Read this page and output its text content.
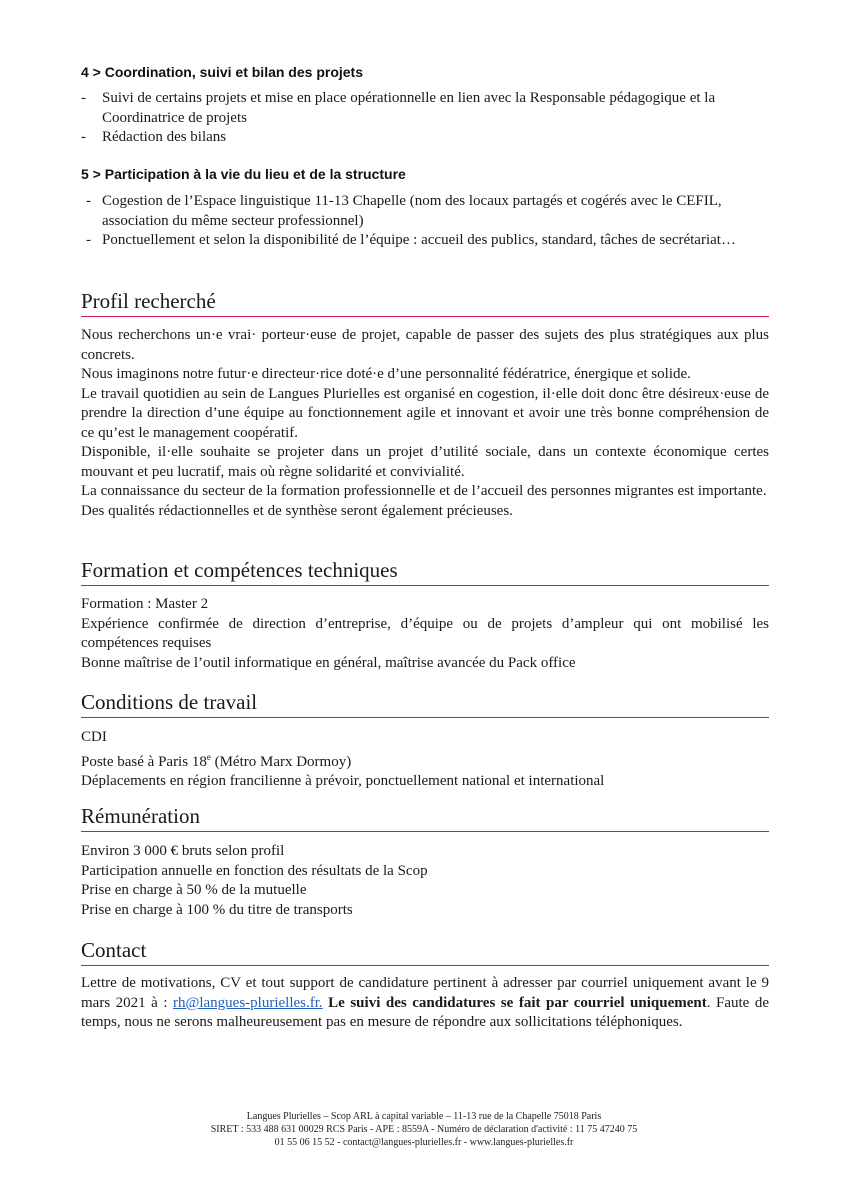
4 > Coordination, suivi et bilan des projets
- Suivi de certains projets et mise en place opérationnelle en lien avec la Responsable pédagogique et la Coordinatrice de projets
- Rédaction des bilans
5 > Participation à la vie du lieu et de la structure
- Cogestion de l’Espace linguistique 11-13 Chapelle (nom des locaux partagés et cogérés avec le CEFIL, association du même secteur professionnel)
- Ponctuellement et selon la disponibilité de l’équipe : accueil des publics, standard, tâches de secrétariat…
Profil recherché

Nous recherchons un·e vrai· porteur·euse de projet, capable de passer des sujets des plus stratégiques aux plus concrets.

Nous imaginons notre futur·e directeur·rice doté·e d’une personnalité fédératrice, énergique et solide.

Le travail quotidien au sein de Langues Plurielles est organisé en cogestion, il·elle doit donc être désireux·euse de prendre la direction d’une équipe au fonctionnement agile et innovant et avoir une très bonne compréhension de ce qu’est le management coopératif.

Disponible, il·elle souhaite se projeter dans un projet d’utilité sociale, dans un contexte économique certes mouvant et peu lucratif, mais où règne solidarité et convivialité.

La connaissance du secteur de la formation professionnelle et de l’accueil des personnes migrantes est importante.

Des qualités rédactionnelles et de synthèse seront également précieuses.

Formation et compétences techniques

Formation : Master 2

Expérience confirmée de direction d’entreprise, d’équipe ou de projets d’ampleur qui ont mobilisé les compétences requises

Bonne maîtrise de l’outil informatique en général, maîtrise avancée du Pack office

Conditions de travail

CDI

Poste basé à Paris 18e (Métro Marx Dormoy)

Déplacements en région francilienne à prévoir, ponctuellement national et international

Rémunération

Environ 3 000 € bruts selon profil

Participation annuelle en fonction des résultats de la Scop

Prise en charge à 50 % de la mutuelle

Prise en charge à 100 % du titre de transports

Contact

Lettre de motivations, CV et tout support de candidature pertinent à adresser par courriel uniquement avant le 9 mars 2021 à : rh@langues-plurielles.fr. Le suivi des candidatures se fait par courriel uniquement. Faute de temps, nous ne serons malheureusement pas en mesure de répondre aux sollicitations téléphoniques.

Langues Plurielles – Scop ARL à capital variable – 11-13 rue de la Chapelle 75018 Paris
SIRET : 533 488 631 00029 RCS Paris - APE : 8559A - Numéro de déclaration d'activité : 11 75 47240 75
01 55 06 15 52 - contact@langues-plurielles.fr - www.langues-plurielles.fr
